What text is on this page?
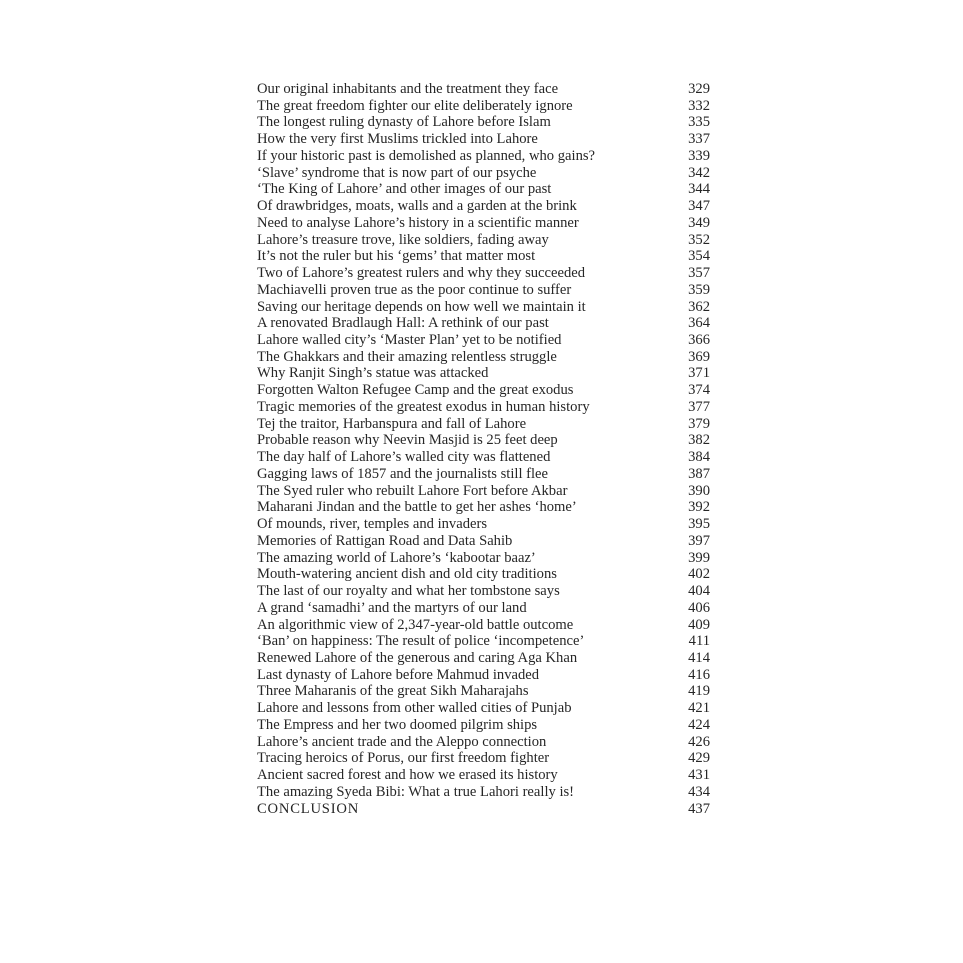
Our original inhabitants and the treatment they face	329
The great freedom fighter our elite deliberately ignore	332
The longest ruling dynasty of Lahore before Islam	335
How the very first Muslims trickled into Lahore	337
If your historic past is demolished as planned, who gains?	339
‘Slave’ syndrome that is now part of our psyche	342
‘The King of Lahore’ and other images of our past	344
Of drawbridges, moats, walls and a garden at the brink	347
Need to analyse Lahore’s history in a scientific manner	349
Lahore’s treasure trove, like soldiers, fading away	352
It’s not the ruler but his ‘gems’ that matter most	354
Two of Lahore’s greatest rulers and why they succeeded	357
Machiavelli proven true as the poor continue to suffer	359
Saving our heritage depends on how well we maintain it	362
A renovated Bradlaugh Hall: A rethink of our past	364
Lahore walled city’s ‘Master Plan’ yet to be notified	366
The Ghakkars and their amazing relentless struggle	369
Why Ranjit Singh’s statue was attacked	371
Forgotten Walton Refugee Camp and the great exodus	374
Tragic memories of the greatest exodus in human history	377
Tej the traitor, Harbanspura and fall of Lahore	379
Probable reason why Neevin Masjid is 25 feet deep	382
The day half of Lahore’s walled city was flattened	384
Gagging laws of 1857 and the journalists still flee	387
The Syed ruler who rebuilt Lahore Fort before Akbar	390
Maharani Jindan and the battle to get her ashes ‘home’	392
Of mounds, river, temples and invaders	395
Memories of Rattigan Road and Data Sahib	397
The amazing world of Lahore’s ‘kabootar baaz’	399
Mouth-watering ancient dish and old city traditions	402
The last of our royalty and what her tombstone says	404
A grand ‘samadhi’ and the martyrs of our land	406
An algorithmic view of 2,347-year-old battle outcome	409
‘Ban’ on happiness: The result of police ‘incompetence’	411
Renewed Lahore of the generous and caring Aga Khan	414
Last dynasty of Lahore before Mahmud invaded	416
Three Maharanis of the great Sikh Maharajahs	419
Lahore and lessons from other walled cities of Punjab	421
The Empress and her two doomed pilgrim ships	424
Lahore’s ancient trade and the Aleppo connection	426
Tracing heroics of Porus, our first freedom fighter	429
Ancient sacred forest and how we erased its history	431
The amazing Syeda Bibi: What a true Lahori really is!	434
CONCLUSION	437
